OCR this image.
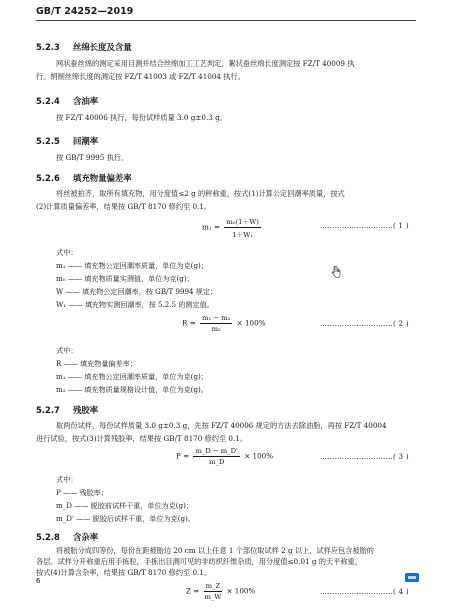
GB/T 24252—2019
5.2.3 丝绵长度及含量
网状蚕丝绵的测定采用目测并结合丝绵加工工艺判定，絮状蚕丝绵长度测定按 FZ/T 40009 执
行。绢制丝绵长度的测定按 FZ/T 41003 或 FZ/T 41004 执行。
5.2.4 含油率
按 FZ/T 40006 执行，每份试样质量 3.0 g±0.3 g。
5.2.5 回潮率
按 GB/T 9995 执行。
5.2.6 填充物量偏差率
将丝被拍齐，取所有填充物，用分度值≤2 g 的秤称重，按式(1)计算公定回潮率质量，按式
(2)计算质量偏差率，结果按 GB/T 8170 修约至 0.1。
$m_1 = \frac{\text{m₀(1＋W)}}{\text{1＋W₁}}$	…………………………( 1 )
式中：
m₁ —— 填充物公定回潮率质量，单位为克(g)；
m₀ —— 填充物质量实测值，单位为克(g)；
W —— 填充物公定回潮率，按 GB/T 9994 规定；
W₁ —— 填充物实测回潮率，按 5.2.5 的测定值。
$R = \frac{\text{m₁ − m₂}}{\text{m₂}} \times 100\%$	…………………………( 2 )
式中：
R —— 填充物量偏差率；
m₁ —— 填充物公定回潮率质量，单位为克(g)；
m₂ —— 填充物质量规格设计值，单位为克(g)。
5.2.7 残胶率
取两份试样，每份试样质量 3.0 g±0.3 g，先按 FZ/T 40006 规定的方法去除油脂，再按 FZ/T 40004
进行试验，按式(3)计算残胶率，结果按 GB/T 8170 修约至 0.1。
$P = \frac{m\_D - m\_D'}{m\_D} \times 100\%$	…………………………( 3 )
式中：
P —— 残胶率；
m_D —— 脱胶前试样干重，单位为克(g)；
m_D' —— 脱胶后试样干重，单位为克(g)。
5.2.8 含杂率
将被胎分成四等份，每份在距被胎边 20 cm 以上任意 1 个部位取试样 2 g 以上，试样应包含被胎的
各层。试样分开称重后用手拣粒，手拣出目测可见的非纺织纤维杂质，用分度值≤0.01 g 的天平称重，
按式(4)计算含杂率，结果按 GB/T 8170 修约至 0.1。
$Z = \frac{m\_Z}{m\_W} \times 100\%$	…………………………( 4 )
6
